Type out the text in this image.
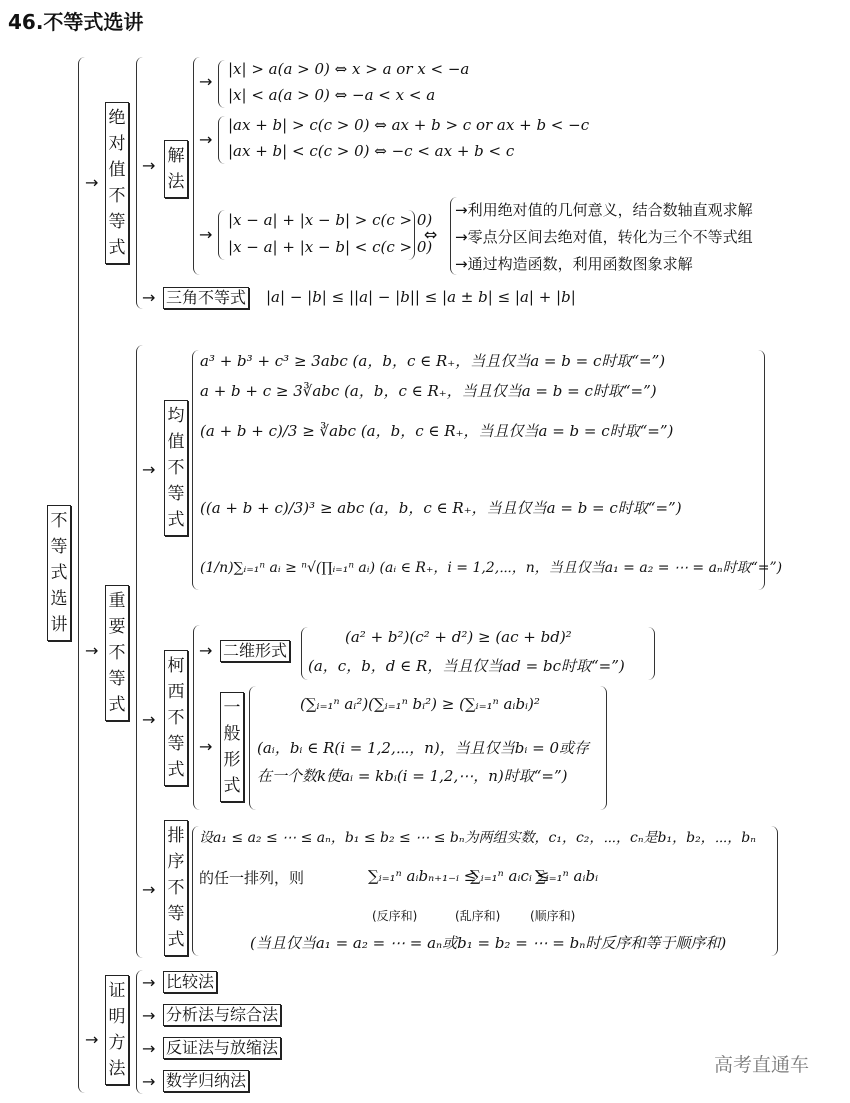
46.不等式选讲
不等式选讲
→
绝对值不等式
→ 解法
→
|x| > a(a > 0) ⇔ x > a or x < −a
|x| < a(a > 0) ⇔ −a < x < a
→
|ax + b| > c(c > 0) ⇔ ax + b > c or ax + b < −c
|ax + b| < c(c > 0) ⇔ −c < ax + b < c
→
|x − a| + |x − b| > c(c > 0)
|x − a| + |x − b| < c(c > 0)
⇔
→利用绝对值的几何意义，结合数轴直观求解
→零点分区间去绝对值，转化为三个不等式组
→通过构造函数，利用函数图象求解
→ 三角不等式 |a| − |b| ≤ ||a| − |b|| ≤ |a ± b| ≤ |a| + |b|
→
重要不等式
→
均值不等式
a³ + b³ + c³ ≥ 3abc (a，b，c ∈ R₊，当且仅当a = b = c时取“=”)
a + b + c ≥ 3∛abc (a，b，c ∈ R₊，当且仅当a = b = c时取“=”)
(a + b + c)/3 ≥ ∛abc (a，b，c ∈ R₊，当且仅当a = b = c时取“=”)
((a + b + c)/3)³ ≥ abc (a，b，c ∈ R₊，当且仅当a = b = c时取“=”)
(1/n)∑ᵢ₌₁ⁿ aᵢ ≥ ⁿ√(∏ᵢ₌₁ⁿ aᵢ) (aᵢ ∈ R₊，i = 1,2,⋯，n，当且仅当a₁ = a₂ = ⋯ = aₙ时取“=”)
→
柯西不等式
→ 二维形式
(a² + b²)(c² + d²) ≥ (ac + bd)²
(a，c，b，d ∈ R，当且仅当ad = bc时取“=”)
→
一般形式
(∑ᵢ₌₁ⁿ aᵢ²)(∑ᵢ₌₁ⁿ bᵢ²) ≥ (∑ᵢ₌₁ⁿ aᵢbᵢ)²
(aᵢ，bᵢ ∈ R(i = 1,2,⋯，n)，当且仅当bᵢ = 0或存
在一个数k使aᵢ = kbᵢ(i = 1,2,⋯，n)时取“=”)
→
排序不等式
设a₁ ≤ a₂ ≤ ⋯ ≤ aₙ，b₁ ≤ b₂ ≤ ⋯ ≤ bₙ为两组实数，c₁，c₂，⋯，cₙ是b₁，b₂，⋯，bₙ
的任一排列，则	∑ᵢ₌₁ⁿ aᵢbₙ₊₁₋ᵢ ≤
∑ᵢ₌₁ⁿ aᵢcᵢ ≤
∑ᵢ₌₁ⁿ aᵢbᵢ
(反序和)	(乱序和) (顺序和)
(当且仅当a₁ = a₂ = ⋯ = aₙ或b₁ = b₂ = ⋯ = bₙ时反序和等于顺序和)
→
证明方法
→ 比较法
→ 分析法与综合法
→ 反证法与放缩法
→ 数学归纳法
高考直通车
